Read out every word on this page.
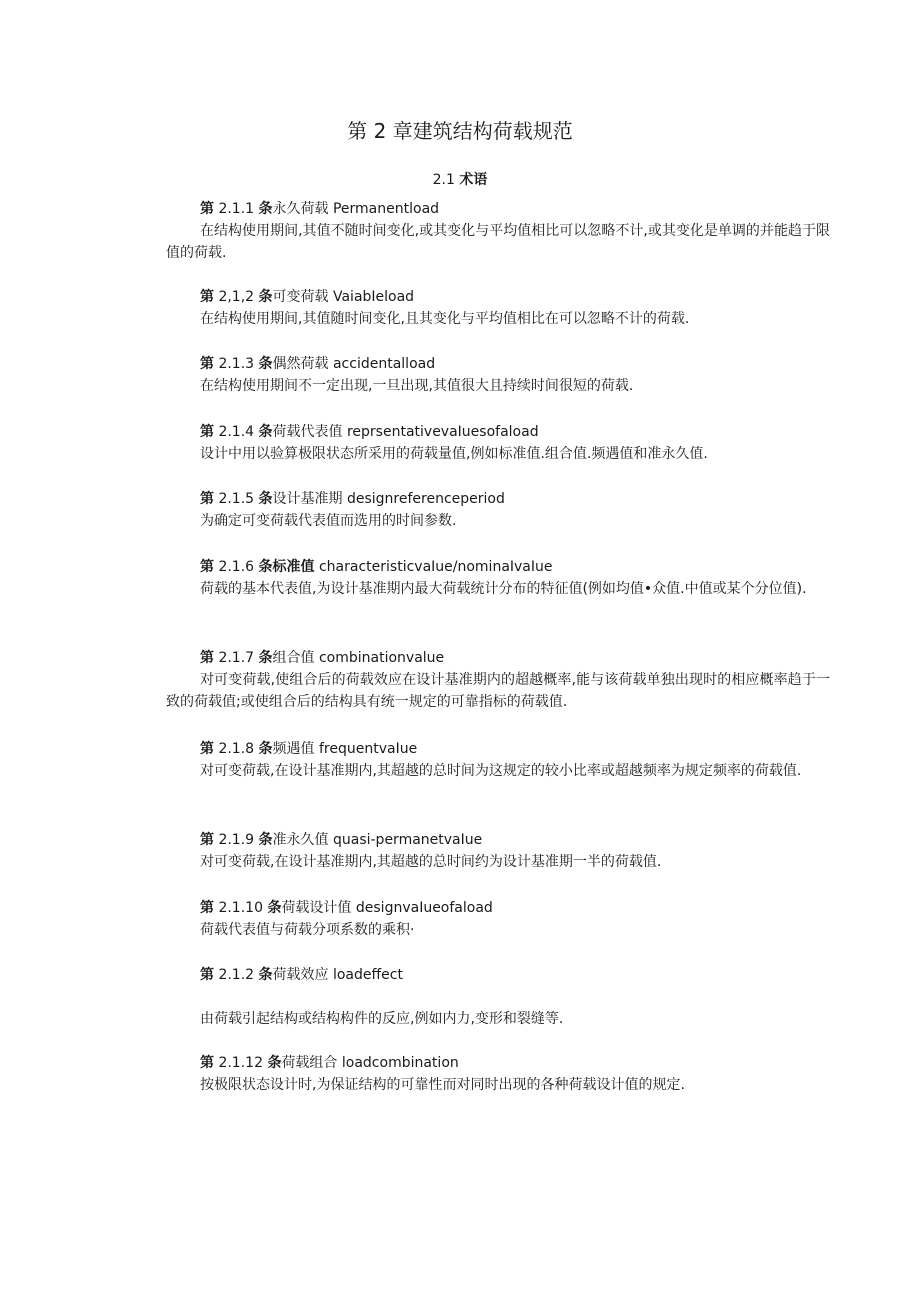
第 2 章建筑结构荷载规范
2.1 术语
第 2.1.1 条永久荷载 Permanentload
在结构使用期间,其值不随时间变化,或其变化与平均值相比可以忽略不计,或其变化是单调的并能趋于限值的荷载.
第 2,1,2 条可变荷载 VaiabIeload
在结构使用期间,其值随时间变化,且其变化与平均值相比在可以忽略不计的荷载.
第 2.1.3 条偶然荷载 accidentalload
在结构使用期间不一定出现,一旦出现,其值很大且持续时间很短的荷载.
第 2.1.4 条荷载代表值 reprsentativevaIuesofaload
设计中用以验算极限状态所采用的荷载量值,例如标准值.组合值.频遇值和准永久值.
第 2.1.5 条设计基准期 designreferenceperiod
为确定可变荷载代表值而选用的时间参数.
第 2.1.6 条标准值 characteristicvaIue/nominaIvaIue
荷载的基本代表值,为设计基准期内最大荷载统计分布的特征值(例如均值•众值.中值或某个分位值).
第 2.1.7 条组合值 combinationvalue
对可变荷载,使组合后的荷载效应在设计基准期内的超越概率,能与该荷载单独出现时的相应概率趋于一致的荷载值;或使组合后的结构具有统一规定的可靠指标的荷载值.
第 2.1.8 条频遇值 frequentvaIue
对可变荷载,在设计基准期内,其超越的总时间为这规定的较小比率或超越频率为规定频率的荷载值.
第 2.1.9 条准永久值 quasi-permanetvaIue
对可变荷载,在设计基准期内,其超越的总时间约为设计基准期一半的荷载值.
第 2.1.10 条荷载设计值 designvaIueofaload
荷载代表值与荷载分项系数的乘积·
第 2.1.2 条荷载效应 loadeffect
由荷载引起结构或结构构件的反应,例如内力,变形和裂缝等.
第 2.1.12 条荷载组合 loadcombination
按极限状态设计时,为保证结构的可靠性而对同时出现的各种荷载设计值的规定.
